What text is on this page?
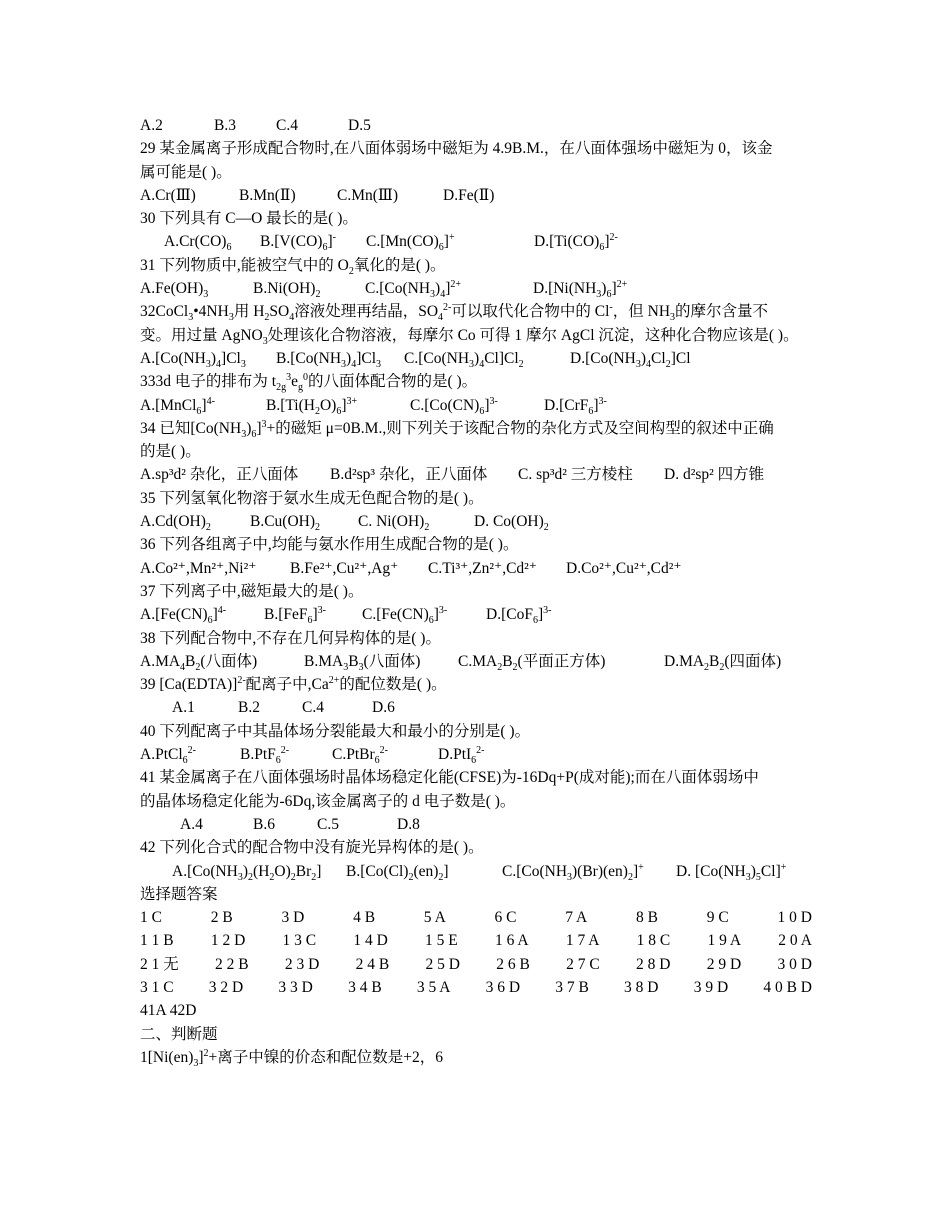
A.2	B.3	C.4	D.5
29 某金属离子形成配合物时,在八面体弱场中磁矩为 4.9B.M.，在八面体强场中磁矩为 0，该金
属可能是( )。
A.Cr(Ⅲ)	B.Mn(Ⅱ)	C.Mn(Ⅲ)	D.Fe(Ⅱ)
30 下列具有 C—O 最长的是( )。
$A.Cr(CO)_6$ $B.[V(CO)_6]^-$ $C.[Mn(CO)_6]^+$	$D.[Ti(CO)_6]^{2-}$
31 下列物质中,能被空气中的 $O_2$氧化的是( )。
$A.Fe(OH)_3$	$B.Ni(OH)_2$	$C.[Co(NH_3)_4]^{2+}$	$D.[Ni(NH_3)_6]^{2+}$
$32CoCl_3•4NH_3$用 $H_2SO_4$溶液处理再结晶，$SO_4^{2-}$可以取代化合物中的 Cl-，但 $NH_3$的摩尔含量不
变。用过量 AgNO$_3$处理该化合物溶液，每摩尔 Co 可得 1 摩尔 AgCl 沉淀，这种化合物应该是( )。
$A.[Co(NH_3)_4]Cl_3$ $B.[Co(NH_3)_4]Cl_3$ $C.[Co(NH_3)_4Cl]Cl_2$	$D.[Co(NH_3)_4Cl_2]Cl$
333d 电子的排布为 $t_{2g}^3e_g^0$的八面体配合物的是( )。
A.[MnCl$_6$]$^{4-}$	$B.[Ti(H_2O)_6]^{3+}$	$C.[Co(CN)_6]^{3-}$	$D.[CrF_6]^{3-}$
34 已知$[Co(NH_3)_6]^3+$的磁矩 μ=0B.M.,则下列关于该配合物的杂化方式及空间构型的叙述中正确
的是( )。
A.sp³d² 杂化，正八面体 B.d²sp³ 杂化，正八面体 C. sp³d² 三方棱柱 D. d²sp² 四方锥
35 下列氢氧化物溶于氨水生成无色配合物的是( )。
$A.Cd(OH)_2$	$B.Cu(OH)_2$ C. $Ni(OH)_2$	D. $Co(OH)_2$
36 下列各组离子中,均能与氨水作用生成配合物的是( )。
A.Co²⁺,Mn²⁺,Ni²⁺ B.Fe²⁺,Cu²⁺,Ag⁺ C.Ti³⁺,Zn²⁺,Cd²⁺ D.Co²⁺,Cu²⁺,Cd²⁺
37 下列离子中,磁矩最大的是( )。
$A.[Fe(CN)_6]^{4-}$ $B.[FeF_6]^{3-}$ $C.[Fe(CN)_6]^{3-}$	$D.[CoF_6]^{3-}$
38 下列配合物中,不存在几何异构体的是( )。
$A.MA_4B_2$(八面体)	$B.MA_3B_3$(八面体) $C.MA_2B_2$(平面正方体)	$D.MA_2B_2$(四面体)
39 [Ca(EDTA)]$^{2-}$配离子中$,Ca^{2+}$的配位数是( )。
A.1	B.2	C.4	D.6
40 下列配离子中其晶体场分裂能最大和最小的分别是( )。
A.PtCl$_6^{2-}$	B.PtF$_6^{2-}$	C.PtBr$_6^{2-}$	D.PtI$_6^{2-}$
41 某金属离子在八面体强场时晶体场稳定化能(CFSE)为-16Dq+P(成对能);而在八面体弱场中
的晶体场稳定化能为-6Dq,该金属离子的 d 电子数是( )。
A.4	B.6	C.5	D.8
42 下列化合式的配合物中没有旋光异构体的是( )。
$A.[Co(NH_3)_2(H_2O)_2Br_2]$ $B.[Co(Cl)_2(en)_2]$	$C.[Co(NH_3)(Br)(en)_2]^+$ D. $[Co(NH_3)_5Cl]^+$
选择题答案
1 C	2 B	3 D	4 B	5 A	6 C	7 A	8 B	9 C	1 0 D
1 1 B 1 2 D 1 3 C 1 4 D 1 5 E 1 6 A 1 7 A 1 8 C 1 9 A 2 0 A
2 1 无 2 2 B 2 3 D 2 4 B 2 5 D 2 6 B 2 7 C 2 8 D 2 9 D 3 0 D
3 1 C 3 2 D 3 3 D 3 4 B 3 5 A 3 6 D 3 7 B 3 8 D 3 9 D 4 0 B D
41A 42D
二、判断题
$1[Ni(en)_3]^2+$离子中镍的价态和配位数是+2，6
